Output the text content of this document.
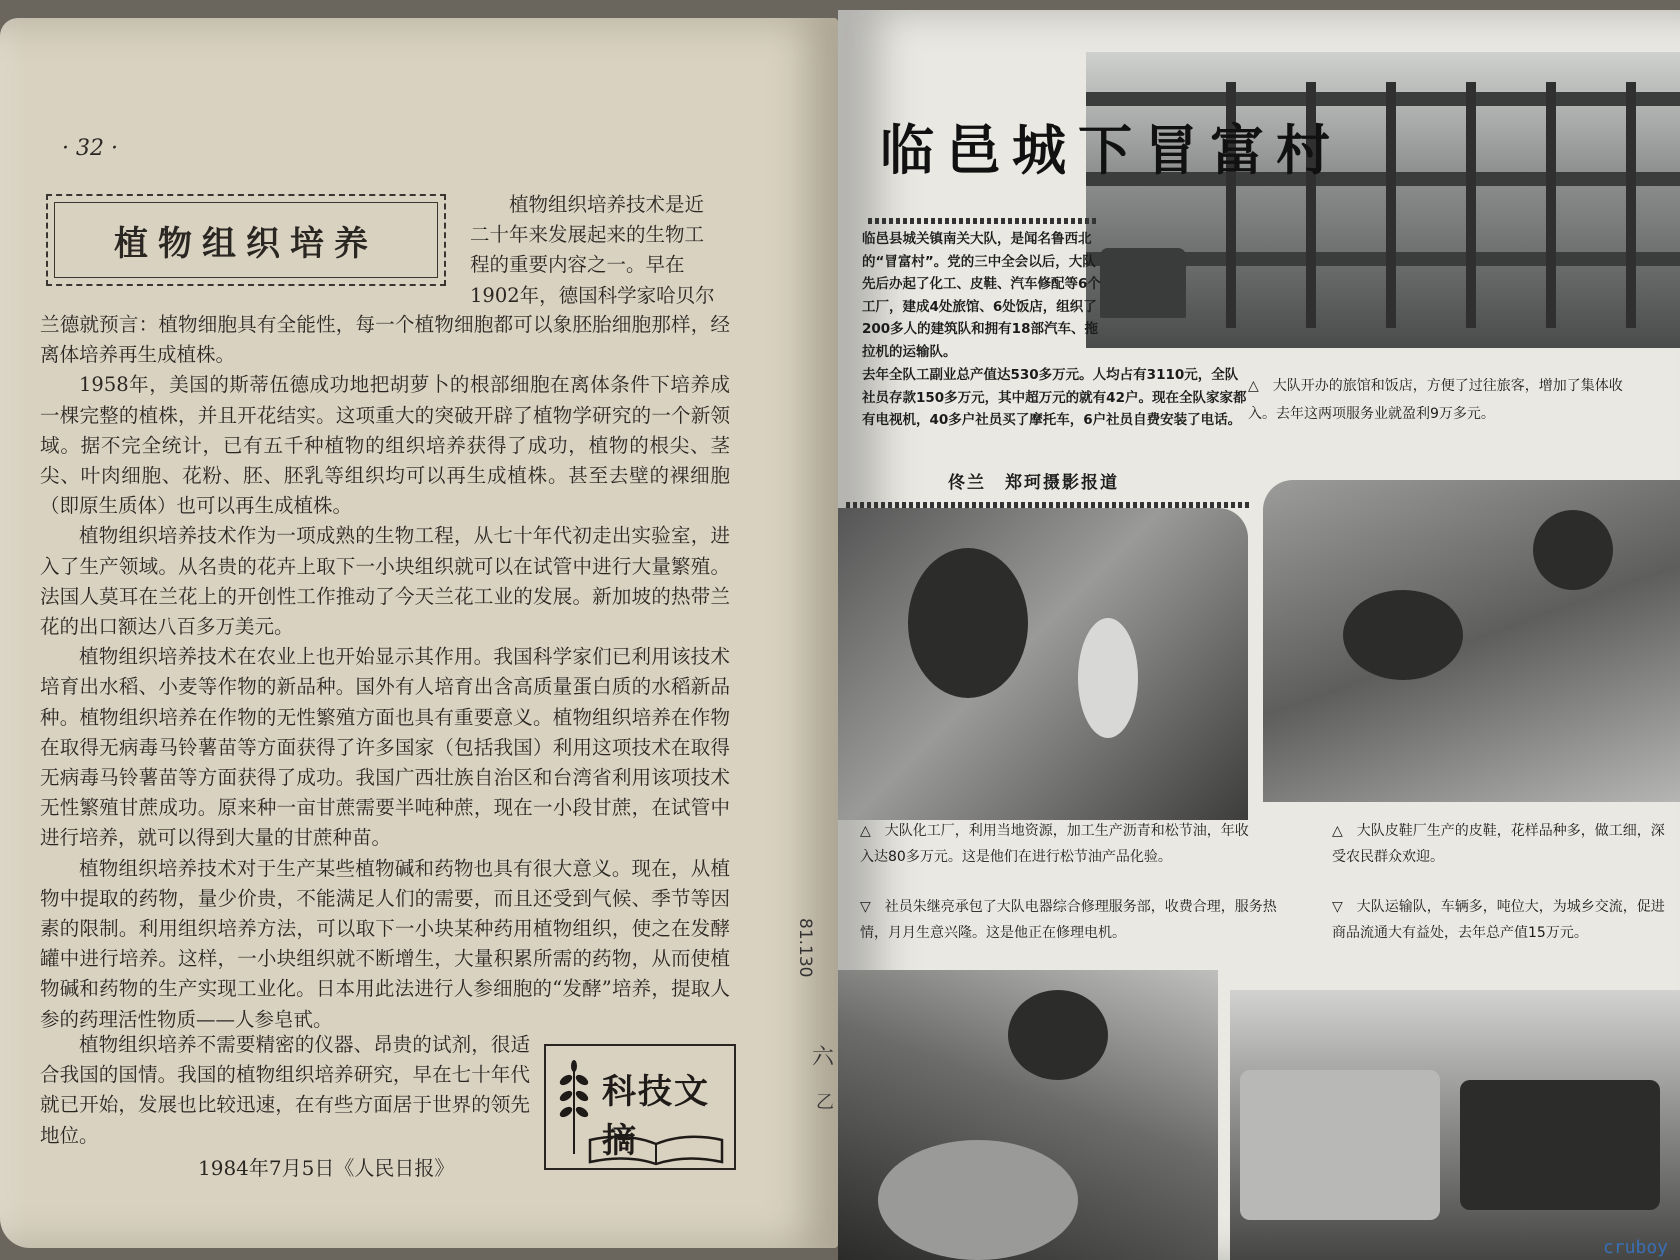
· 32 ·
植物组织培养
植物组织培养技术是近
二十年来发展起来的生物工
程的重要内容之一。早在
1902年，德国科学家哈贝尔

兰德就预言：植物细胞具有全能性，每一个植物细胞都可以象胚胎细胞那样，经离体培养再生成植株。

1958年，美国的斯蒂伍德成功地把胡萝卜的根部细胞在离体条件下培养成一棵完整的植株，并且开花结实。这项重大的突破开辟了植物学研究的一个新领域。据不完全统计，已有五千种植物的组织培养获得了成功，植物的根尖、茎尖、叶肉细胞、花粉、胚、胚乳等组织均可以再生成植株。甚至去壁的裸细胞（即原生质体）也可以再生成植株。

植物组织培养技术作为一项成熟的生物工程，从七十年代初走出实验室，进入了生产领域。从名贵的花卉上取下一小块组织就可以在试管中进行大量繁殖。法国人莫耳在兰花上的开创性工作推动了今天兰花工业的发展。新加坡的热带兰花的出口额达八百多万美元。

植物组织培养技术在农业上也开始显示其作用。我国科学家们已利用该技术培育出水稻、小麦等作物的新品种。国外有人培育出含高质量蛋白质的水稻新品种。植物组织培养在作物的无性繁殖方面也具有重要意义。植物组织培养在作物在取得无病毒马铃薯苗等方面获得了许多国家（包括我国）利用这项技术在取得无病毒马铃薯苗等方面获得了成功。我国广西壮族自治区和台湾省利用该项技术无性繁殖甘蔗成功。原来种一亩甘蔗需要半吨种蔗，现在一小段甘蔗，在试管中进行培养，就可以得到大量的甘蔗种苗。

植物组织培养技术对于生产某些植物碱和药物也具有很大意义。现在，从植物中提取的药物，量少价贵，不能满足人们的需要，而且还受到气候、季节等因素的限制。利用组织培养方法，可以取下一小块某种药用植物组织，使之在发酵罐中进行培养。这样，一小块组织就不断增生，大量积累所需的药物，从而使植物碱和药物的生产实现工业化。日本用此法进行人参细胞的“发酵”培养，提取人参的药理活性物质——人参皂甙。

植物组织培养不需要精密的仪器、昂贵的试剂，很适合我国的国情。我国的植物组织培养研究，早在七十年代就已开始，发展也比较迅速，在有些方面居于世界的领先地位。

1984年7月5日《人民日报》
科技文摘
81.130
六
乙
临邑城下冒富村
临邑县城关镇南关大队，是闻名鲁西北的“冒富村”。党的三中全会以后，大队先后办起了化工、皮鞋、汽车修配等6个工厂，建成4处旅馆、6处饭店，组织了200多人的建筑队和拥有18部汽车、拖拉机的运输队。
去年全队工副业总产值达530多万元。人均占有3110元，全队社员存款150多万元，其中超万元的就有42户。现在全队家家都有电视机，40多户社员买了摩托车，6户社员自费安装了电话。
佟兰　郑珂摄影报道
△　大队开办的旅馆和饭店，方便了过往旅客，增加了集体收入。去年这两项服务业就盈利9万多元。
△　大队化工厂，利用当地资源，加工生产沥青和松节油，年收入达80多万元。这是他们在进行松节油产品化验。
△　大队皮鞋厂生产的皮鞋，花样品种多，做工细，深受农民群众欢迎。
▽　社员朱继亮承包了大队电器综合修理服务部，收费合理，服务热情，月月生意兴隆。这是他正在修理电机。
▽　大队运输队，车辆多，吨位大，为城乡交流，促进商品流通大有益处，去年总产值15万元。
cruboy
